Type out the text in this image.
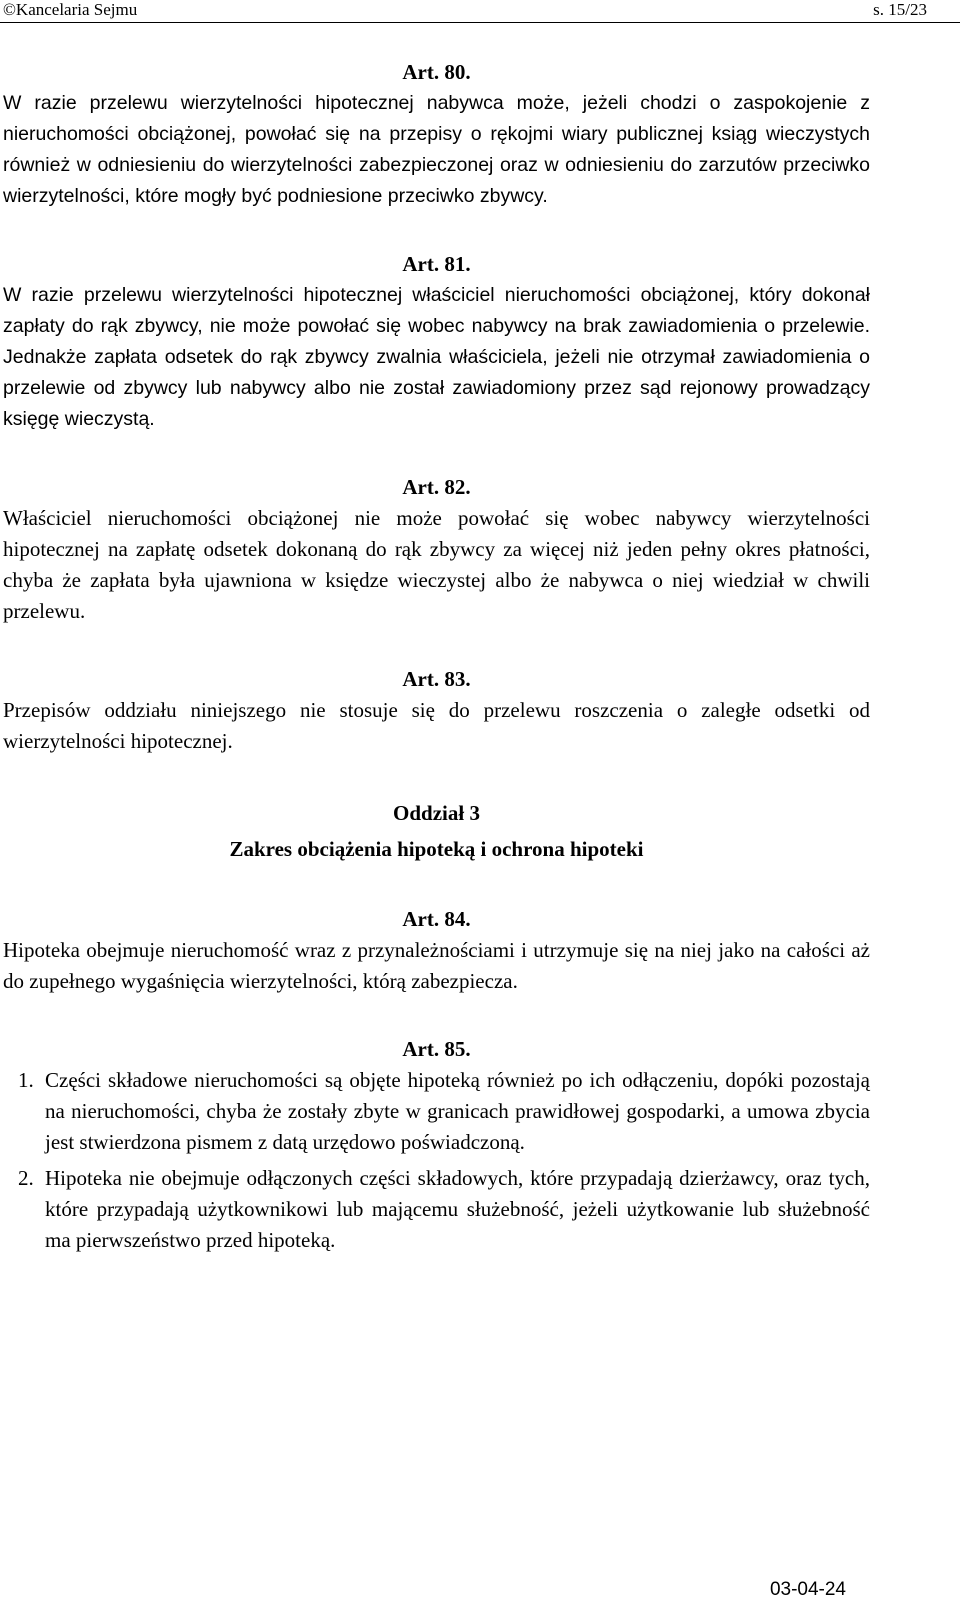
©Kancelaria Sejmu	s. 15/23
Art. 80.
W razie przelewu wierzytelności hipotecznej nabywca może, jeżeli chodzi o zaspokojenie z nieruchomości obciążonej, powołać się na przepisy o rękojmi wiary publicznej ksiąg wieczystych również w odniesieniu do wierzytelności zabezpieczonej oraz w odniesieniu do zarzutów przeciwko wierzytelności, które mogły być podniesione przeciwko zbywcy.
Art. 81.
W razie przelewu wierzytelności hipotecznej właściciel nieruchomości obciążonej, który dokonał zapłaty do rąk zbywcy, nie może powołać się wobec nabywcy na brak zawiadomienia o przelewie. Jednakże zapłata odsetek do rąk zbywcy zwalnia właściciela, jeżeli nie otrzymał zawiadomienia o przelewie od zbywcy lub nabywcy albo nie został zawiadomiony przez sąd rejonowy prowadzący księgę wieczystą.
Art. 82.
Właściciel nieruchomości obciążonej nie może powołać się wobec nabywcy wierzytelności hipotecznej na zapłatę odsetek dokonaną do rąk zbywcy za więcej niż jeden pełny okres płatności, chyba że zapłata była ujawniona w księdze wieczystej albo że nabywca o niej wiedział w chwili przelewu.
Art. 83.
Przepisów oddziału niniejszego nie stosuje się do przelewu roszczenia o zaległe odsetki od wierzytelności hipotecznej.
Oddział 3
Zakres obciążenia hipoteką i ochrona hipoteki
Art. 84.
Hipoteka obejmuje nieruchomość wraz z przynależnościami i utrzymuje się na niej jako na całości aż do zupełnego wygaśnięcia wierzytelności, którą zabezpiecza.
Art. 85.
1. Części składowe nieruchomości są objęte hipoteką również po ich odłączeniu, dopóki pozostają na nieruchomości, chyba że zostały zbyte w granicach prawidłowej gospodarki, a umowa zbycia jest stwierdzona pismem z datą urzędowo poświadczoną.
2. Hipoteka nie obejmuje odłączonych części składowych, które przypadają dzierżawcy, oraz tych, które przypadają użytkownikowi lub mającemu służebność, jeżeli użytkowanie lub służebność ma pierwszeństwo przed hipoteką.
03-04-24
